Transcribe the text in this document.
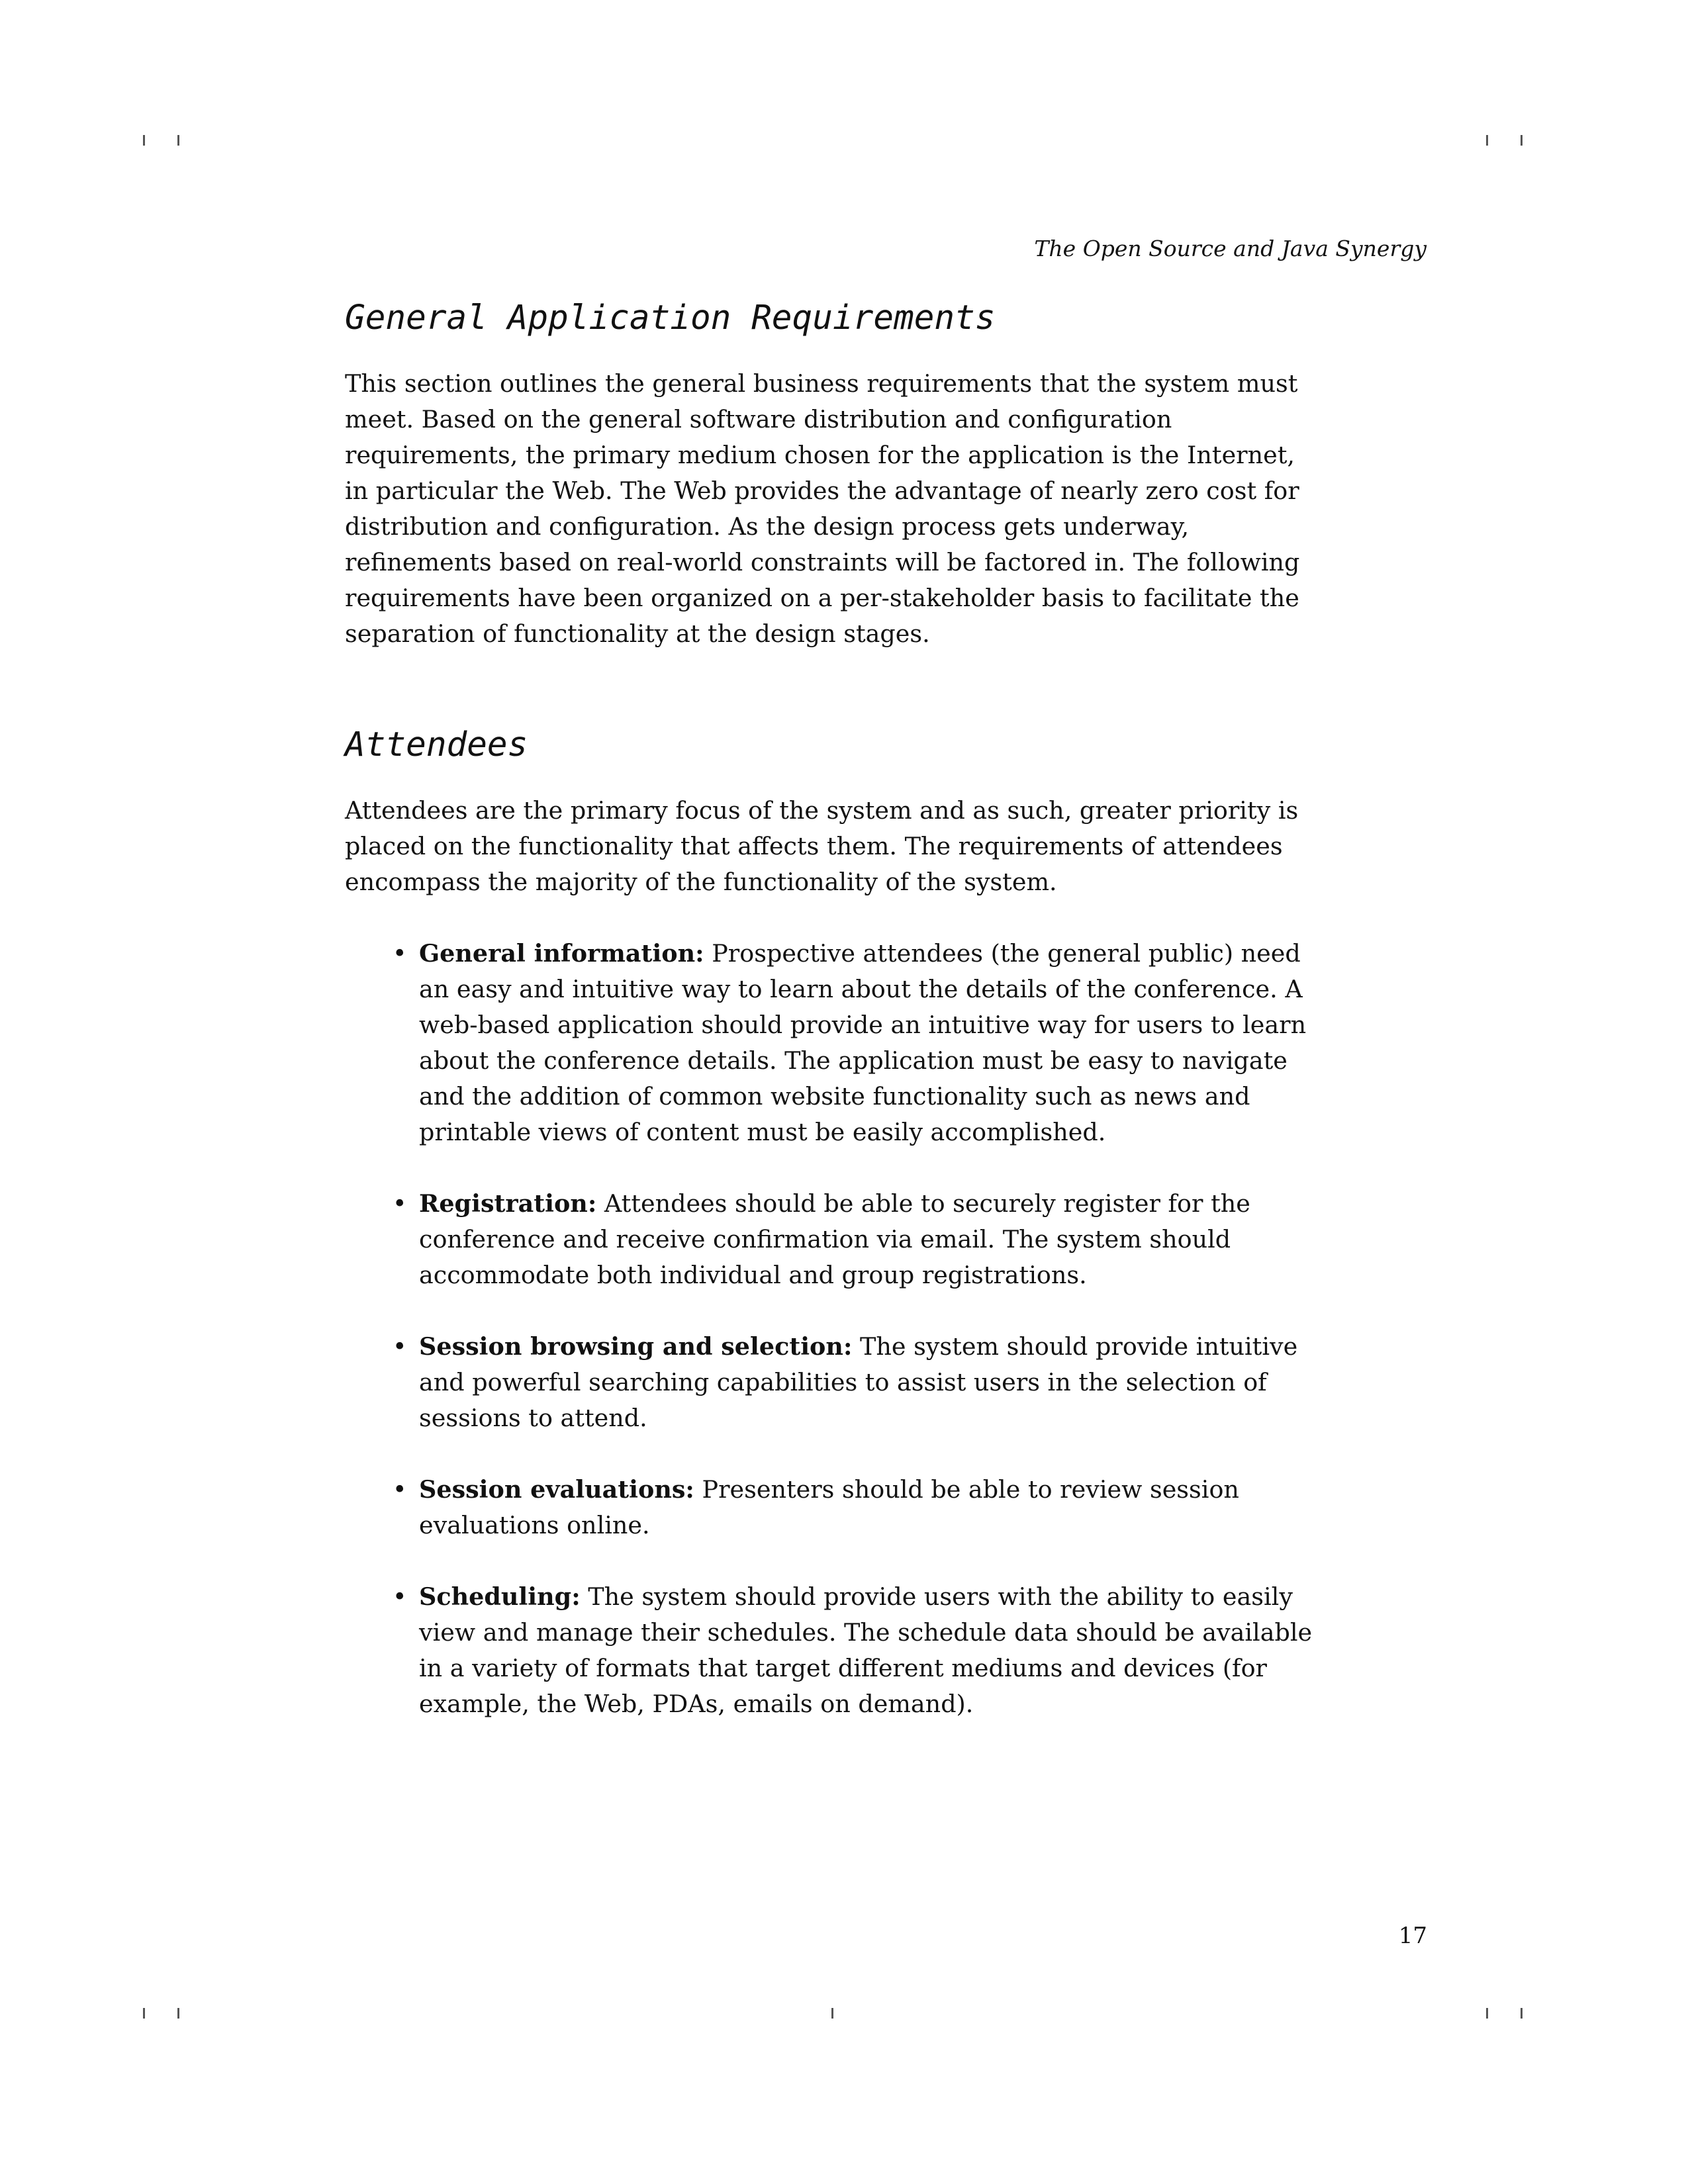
The Open Source and Java Synergy

General Application Requirements

This section outlines the general business requirements that the system must meet. Based on the general software distribution and configuration requirements, the primary medium chosen for the application is the Internet, in particular the Web. The Web provides the advantage of nearly zero cost for distribution and configuration. As the design process gets underway, refinements based on real-world constraints will be factored in. The following requirements have been organized on a per-stakeholder basis to facilitate the separation of functionality at the design stages.

Attendees

Attendees are the primary focus of the system and as such, greater priority is placed on the functionality that affects them. The requirements of attendees encompass the majority of the functionality of the system.

• General information: Prospective attendees (the general public) need an easy and intuitive way to learn about the details of the conference. A web-based application should provide an intuitive way for users to learn about the conference details. The application must be easy to navigate and the addition of common website functionality such as news and printable views of content must be easily accomplished.
• Registration: Attendees should be able to securely register for the conference and receive confirmation via email. The system should accommodate both individual and group registrations.
• Session browsing and selection: The system should provide intuitive and powerful searching capabilities to assist users in the selection of sessions to attend.
• Session evaluations: Presenters should be able to review session evaluations online.
• Scheduling: The system should provide users with the ability to easily view and manage their schedules. The schedule data should be available in a variety of formats that target different mediums and devices (for example, the Web, PDAs, emails on demand).

17
